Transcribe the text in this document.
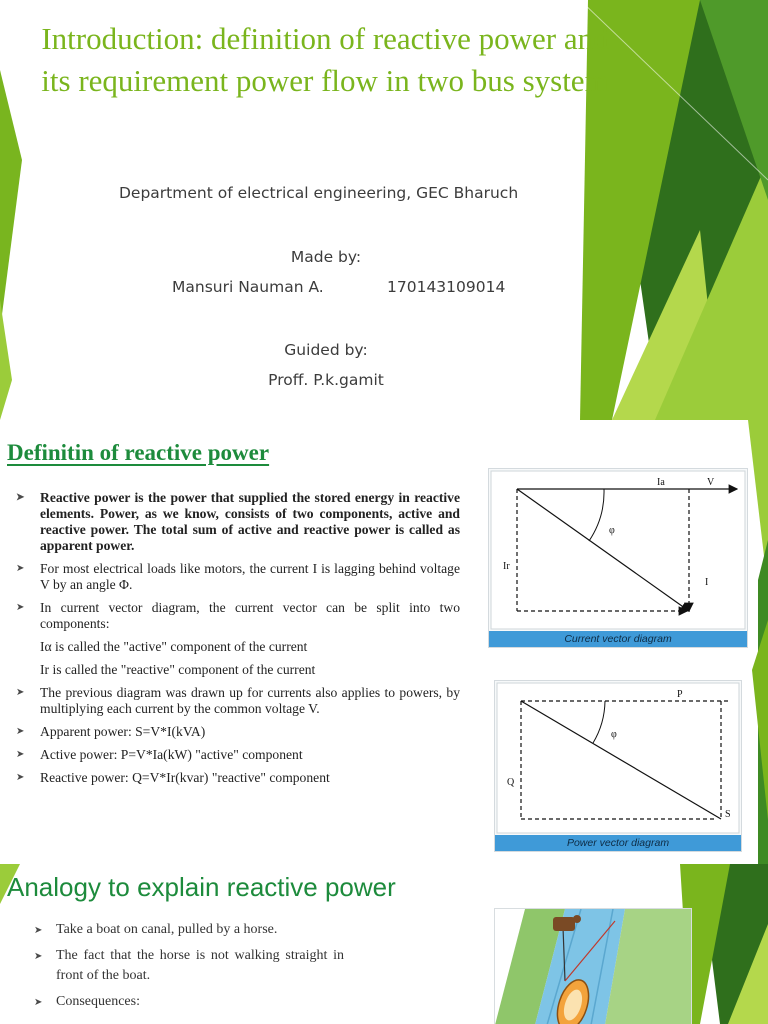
Introduction: definition of reactive power and its requirement power flow in two bus system
Department of electrical engineering, GEC Bharuch
Made by:
Mansuri Nauman A.	170143109014
Guided by:
Proff. P.k.gamit
Definitin of reactive power
➤ Reactive power is the power that supplied the stored energy in reactive elements. Power, as we know, consists of two components, active and reactive power. The total sum of active and reactive power is called as apparent power.
➤ For most electrical loads like motors, the current I is lagging behind voltage V by an angle Φ.
➤ In current vector diagram, the current vector can be split into two components:
Iα is called the "active" component of the current
Ir is called the "reactive" component of the current
➤ The previous diagram was drawn up for currents also applies to powers, by multiplying each current by the common voltage V.
➤ Apparent power: S=V*I(kVA)
➤ Active power: P=V*Ia(kW) "active" component
➤ Reactive power: Q=V*Ir(kvar) "reactive" component
Ia	V
φ
Ir
I
Current vector diagram
P
φ
Q
S
Power vector diagram
Analogy to explain reactive power
➤ Take a boat on canal, pulled by a horse.
➤ The fact that the horse is not walking straight in front of the boat.
➤ Consequences:
